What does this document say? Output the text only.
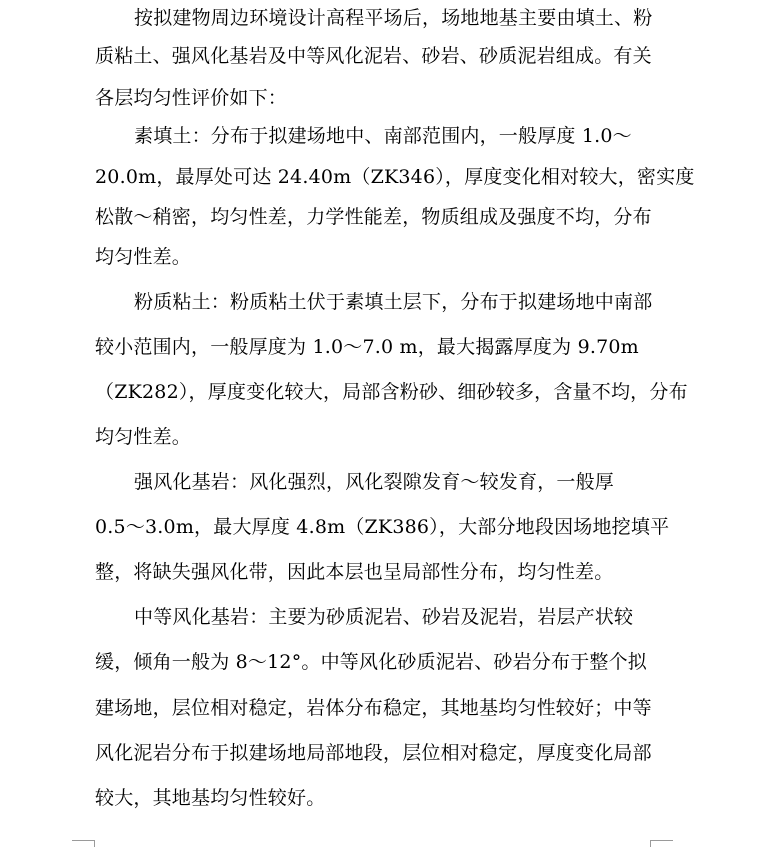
按拟建物周边环境设计高程平场后，场地地基主要由填土、粉
质粘土、强风化基岩及中等风化泥岩、砂岩、砂质泥岩组成。有关
各层均匀性评价如下：
素填土：分布于拟建场地中、南部范围内，一般厚度 1.0～
20.0m，最厚处可达 24.40m（ZK346），厚度变化相对较大，密实度
松散～稍密，均匀性差，力学性能差，物质组成及强度不均，分布
均匀性差。
粉质粘土：粉质粘土伏于素填土层下，分布于拟建场地中南部
较小范围内，一般厚度为 1.0～7.0 m，最大揭露厚度为 9.70m
（ZK282），厚度变化较大，局部含粉砂、细砂较多，含量不均，分布
均匀性差。
强风化基岩：风化强烈，风化裂隙发育～较发育，一般厚
0.5～3.0m，最大厚度 4.8m（ZK386），大部分地段因场地挖填平
整，将缺失强风化带，因此本层也呈局部性分布，均匀性差。
中等风化基岩：主要为砂质泥岩、砂岩及泥岩，岩层产状较
缓，倾角一般为 8～12°。中等风化砂质泥岩、砂岩分布于整个拟
建场地，层位相对稳定，岩体分布稳定，其地基均匀性较好；中等
风化泥岩分布于拟建场地局部地段，层位相对稳定，厚度变化局部
较大，其地基均匀性较好。
